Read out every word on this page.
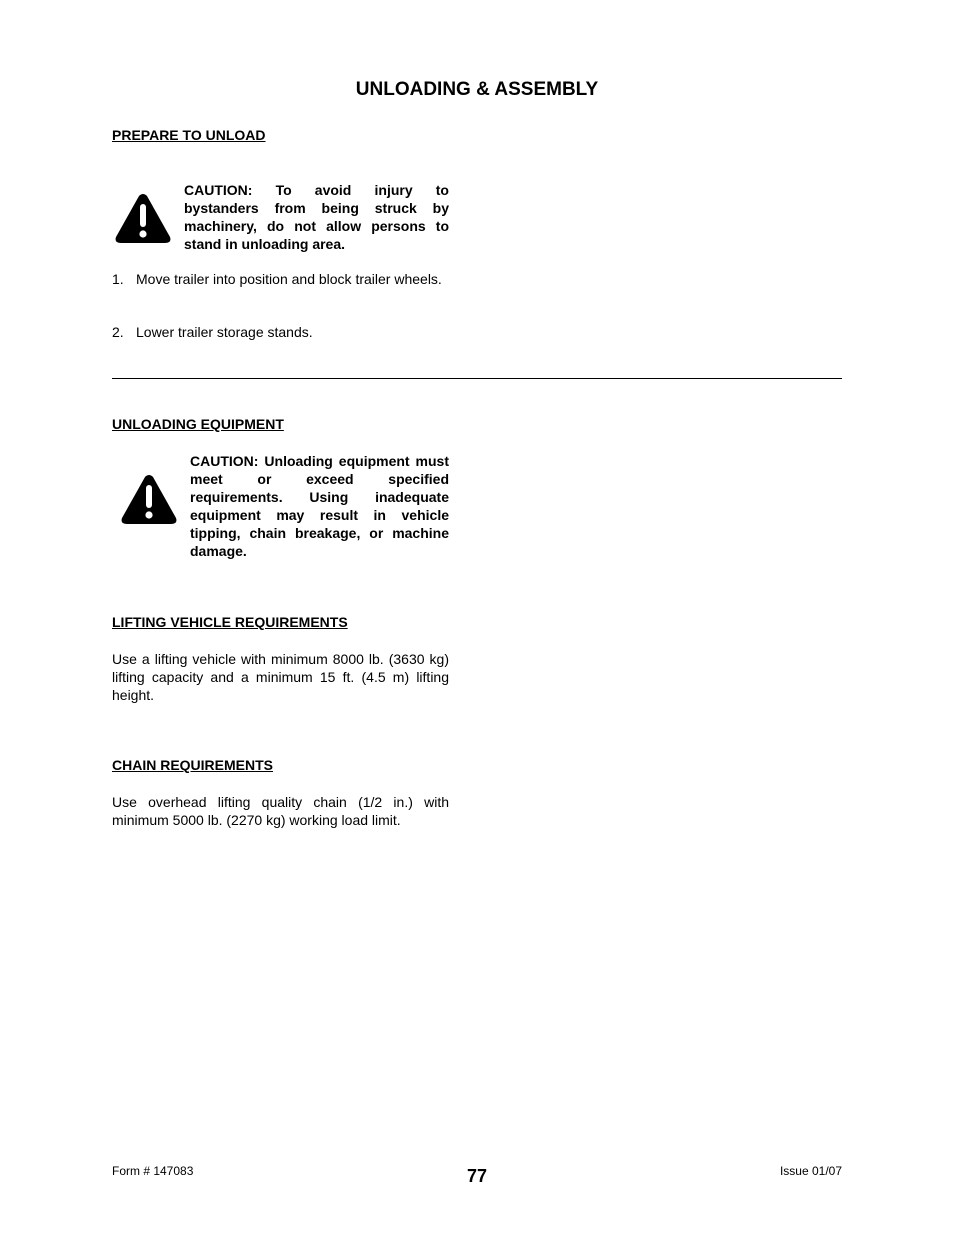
UNLOADING & ASSEMBLY
PREPARE TO UNLOAD
CAUTION: To avoid injury to bystanders from being struck by machinery, do not allow persons to stand in unloading area.
1. Move trailer into position and block trailer wheels.
2. Lower trailer storage stands.
UNLOADING EQUIPMENT
CAUTION: Unloading equipment must meet or exceed specified requirements. Using inadequate equipment may result in vehicle tipping, chain breakage, or machine damage.
LIFTING VEHICLE REQUIREMENTS
Use a lifting vehicle with minimum 8000 lb. (3630 kg) lifting capacity and a minimum 15 ft. (4.5 m) lifting height.
CHAIN REQUIREMENTS
Use overhead lifting quality chain (1/2 in.) with minimum 5000 lb. (2270 kg) working load limit.
Form # 147083	77	Issue 01/07
